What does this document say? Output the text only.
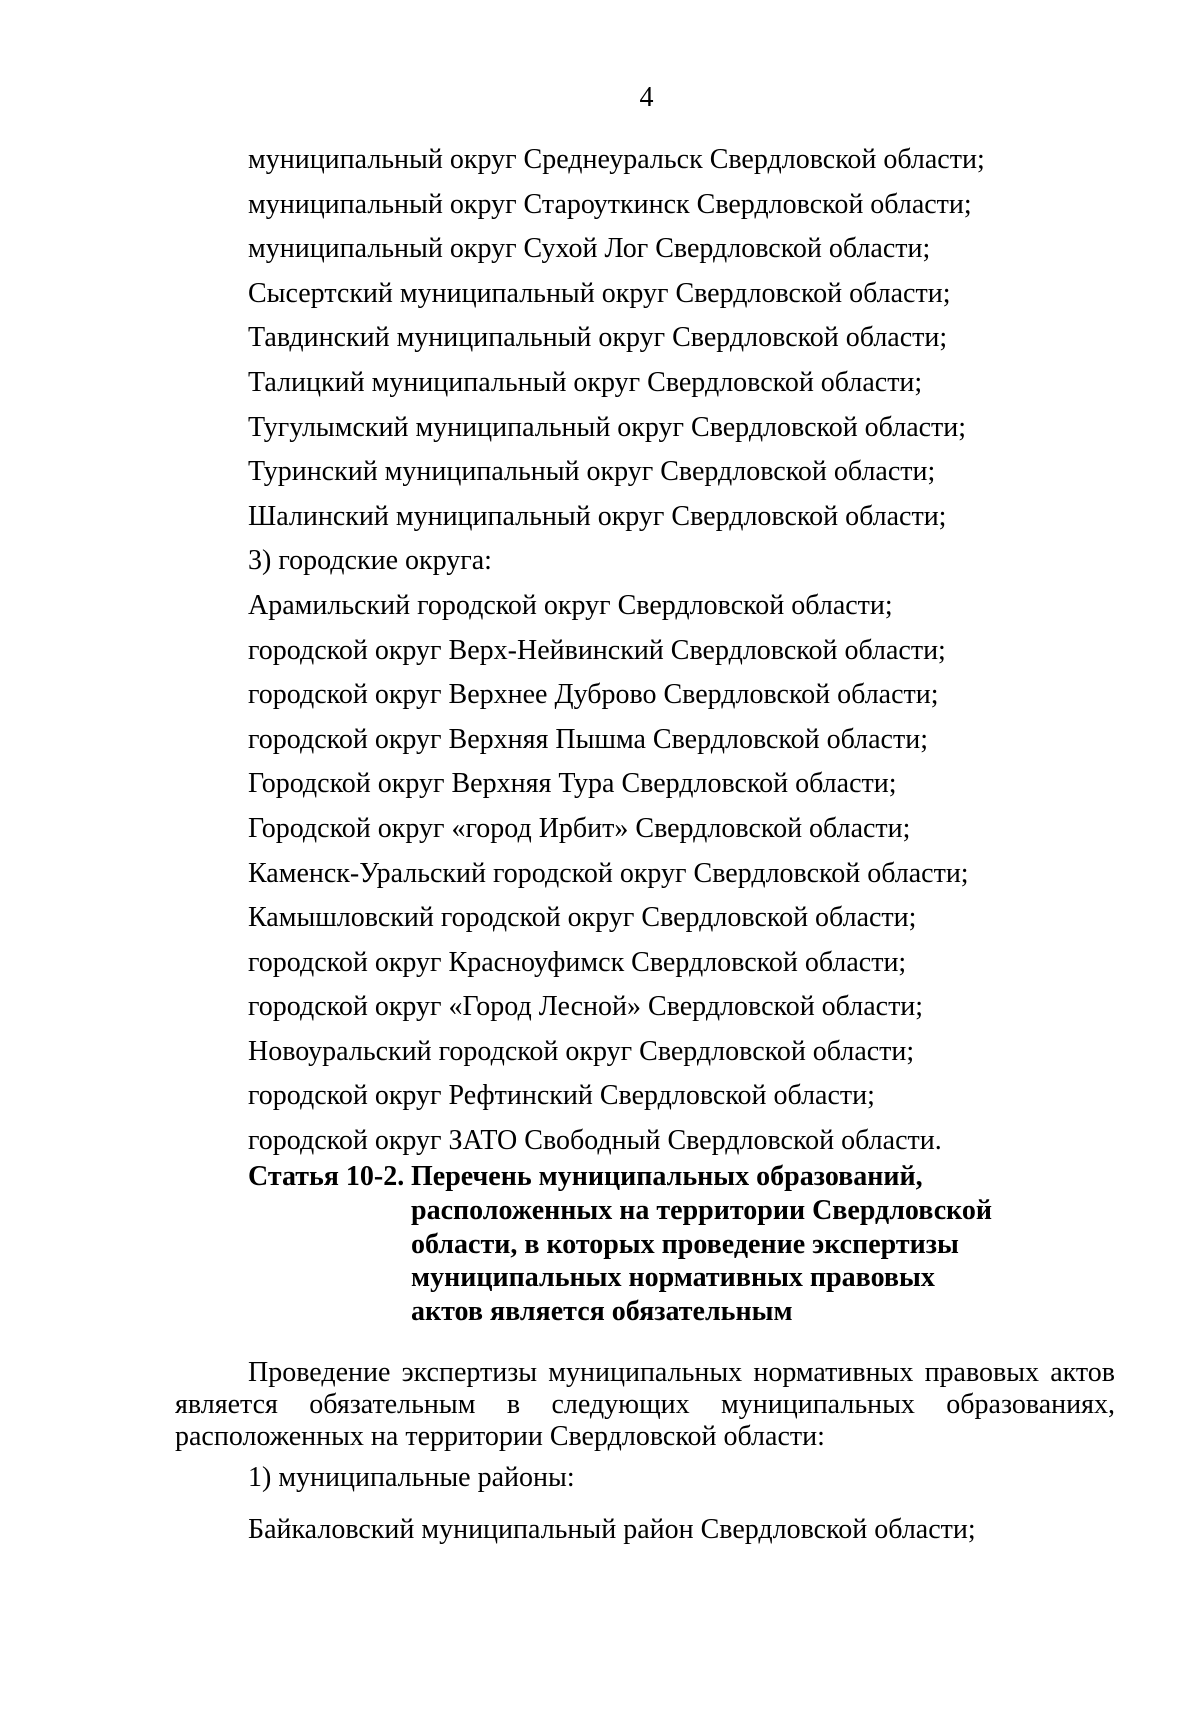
4
муниципальный округ Среднеуральск Свердловской области;
муниципальный округ Староуткинск Свердловской области;
муниципальный округ Сухой Лог Свердловской области;
Сысертский муниципальный округ Свердловской области;
Тавдинский муниципальный округ Свердловской области;
Талицкий муниципальный округ Свердловской области;
Тугулымский муниципальный округ Свердловской области;
Туринский муниципальный округ Свердловской области;
Шалинский муниципальный округ Свердловской области;
3) городские округа:
Арамильский городской округ Свердловской области;
городской округ Верх-Нейвинский Свердловской области;
городской округ Верхнее Дуброво Свердловской области;
городской округ Верхняя Пышма Свердловской области;
Городской округ Верхняя Тура Свердловской области;
Городской округ «город Ирбит» Свердловской области;
Каменск-Уральский городской округ Свердловской области;
Камышловский городской округ Свердловской области;
городской округ Красноуфимск Свердловской области;
городской округ «Город Лесной» Свердловской области;
Новоуральский городской округ Свердловской области;
городской округ Рефтинский Свердловской области;
городской округ ЗАТО Свободный Свердловской области.
Статья 10-2. Перечень муниципальных образований,
расположенных на территории Свердловской
области, в которых проведение экспертизы
муниципальных нормативных правовых
актов является обязательным
Проведение экспертизы муниципальных нормативных правовых актов
является обязательным в следующих муниципальных образованиях,
расположенных на территории Свердловской области:
1) муниципальные районы:
Байкаловский муниципальный район Свердловской области;
